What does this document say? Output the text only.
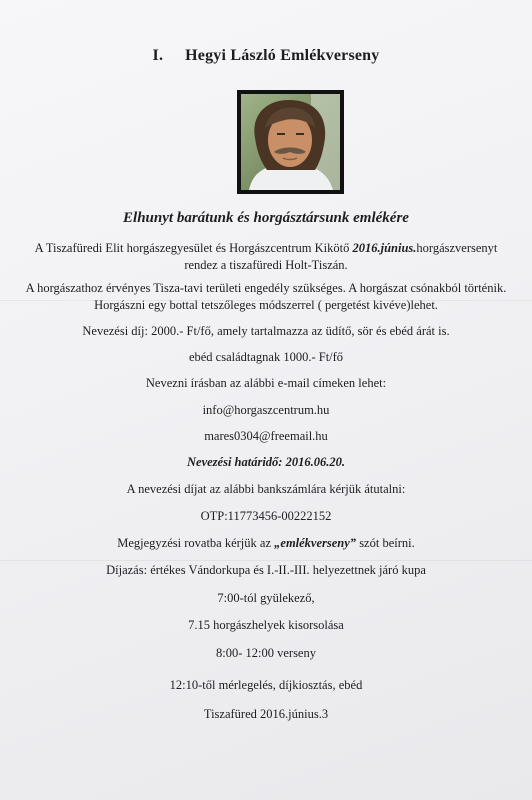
I. Hegyi László Emlékverseny
Elhunyt barátunk és horgásztársunk emlékére
A Tiszafüredi Elit horgászegyesület és Horgászcentrum Kikötő 2016.június.horgászversenyt
rendez a tiszafüredi Holt-Tiszán.
A horgászathoz érvényes Tisza-tavi területi engedély szükséges. A horgászat csónakból történik.
Horgászni egy bottal tetszőleges módszerrel ( pergetést kivéve)lehet.
Nevezési díj: 2000.- Ft/fő, amely tartalmazza az üdítő, sör és ebéd árát is.
ebéd családtagnak 1000.- Ft/fő
Nevezni írásban az alábbi e-mail címeken lehet:
info@horgaszcentrum.hu
mares0304@freemail.hu
Nevezési határidő: 2016.06.20.
A nevezési díjat az alábbi bankszámlára kérjük átutalni:
OTP:11773456-00222152
Megjegyzési rovatba kérjük az „emlékverseny” szót beírni.
Díjazás: értékes Vándorkupa és I.-II.-III. helyezettnek járó kupa
7:00-tól gyülekező,
7.15 horgászhelyek kisorsolása
8:00- 12:00 verseny
12:10-től mérlegelés, díjkiosztás, ebéd
Tiszafüred 2016.június.3
